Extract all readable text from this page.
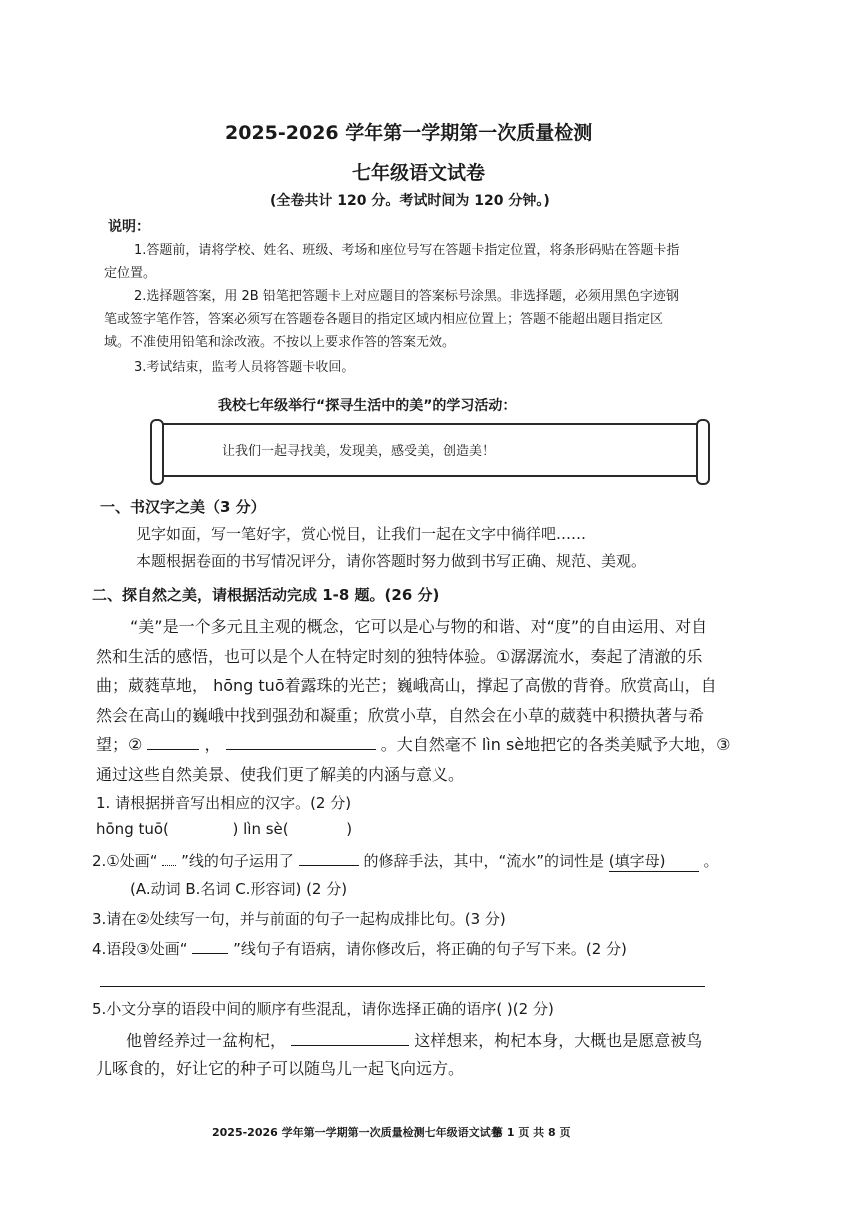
2025-2026 学年第一学期第一次质量检测
七年级语文试卷
(全卷共计 120 分。考试时间为 120 分钟。)
说明：
1.答题前，请将学校、姓名、班级、考场和座位号写在答题卡指定位置，将条形码贴在答题卡指
定位置。
2.选择题答案，用 2B 铅笔把答题卡上对应题目的答案标号涂黑。非选择题，必须用黑色字迹钢
笔或签字笔作答，答案必须写在答题卷各题目的指定区域内相应位置上；答题不能超出题目指定区
域。不准使用铅笔和涂改液。不按以上要求作答的答案无效。
3.考试结束，监考人员将答题卡收回。
我校七年级举行“探寻生活中的美”的学习活动：
让我们一起寻找美，发现美，感受美，创造美！
一、书汉字之美（3 分）
见字如面，写一笔好字，赏心悦目，让我们一起在文字中徜徉吧……
本题根据卷面的书写情况评分，请你答题时努力做到书写正确、规范、美观。
二、探自然之美，请根据活动完成 1-8 题。(26 分)
“美”是一个多元且主观的概念，它可以是心与物的和谐、对“度”的自由运用、对自
然和生活的感悟，也可以是个人在特定时刻的独特体验。①潺潺流水，奏起了清澈的乐
曲；葳蕤草地， hōng tuō着露珠的光芒；巍峨高山，撑起了高傲的背脊。欣赏高山，自
然会在高山的巍峨中找到强劲和凝重；欣赏小草，自然会在小草的葳蕤中积攒执著与希
望；②	，	。大自然毫不 lìn sè地把它的各类美赋予大地，③
通过这些自然美景、使我们更了解美的内涵与意义。
1. 请根据拼音写出相应的汉字。(2 分)
hōng tuō(	) lìn sè(	)
2.①处画“ ”线的句子运用了	的修辞手法，其中，“流水”的词性是 (填字母)	。
(A.动词 B.名词 C.形容词) (2 分)
3.请在②处续写一句，并与前面的句子一起构成排比句。(3 分)
4.语段③处画“	”线句子有语病，请你修改后，将正确的句子写下来。(2 分)
5.小文分享的语段中间的顺序有些混乱，请你选择正确的语序( )(2 分)
他曾经养过一盆枸杞，	这样想来，枸杞本身，大概也是愿意被鸟
儿啄食的，好让它的种子可以随鸟儿一起飞向远方。
2025-2026 学年第一学期第一次质量检测七年级语文试卷
第 1 页 共 8 页
